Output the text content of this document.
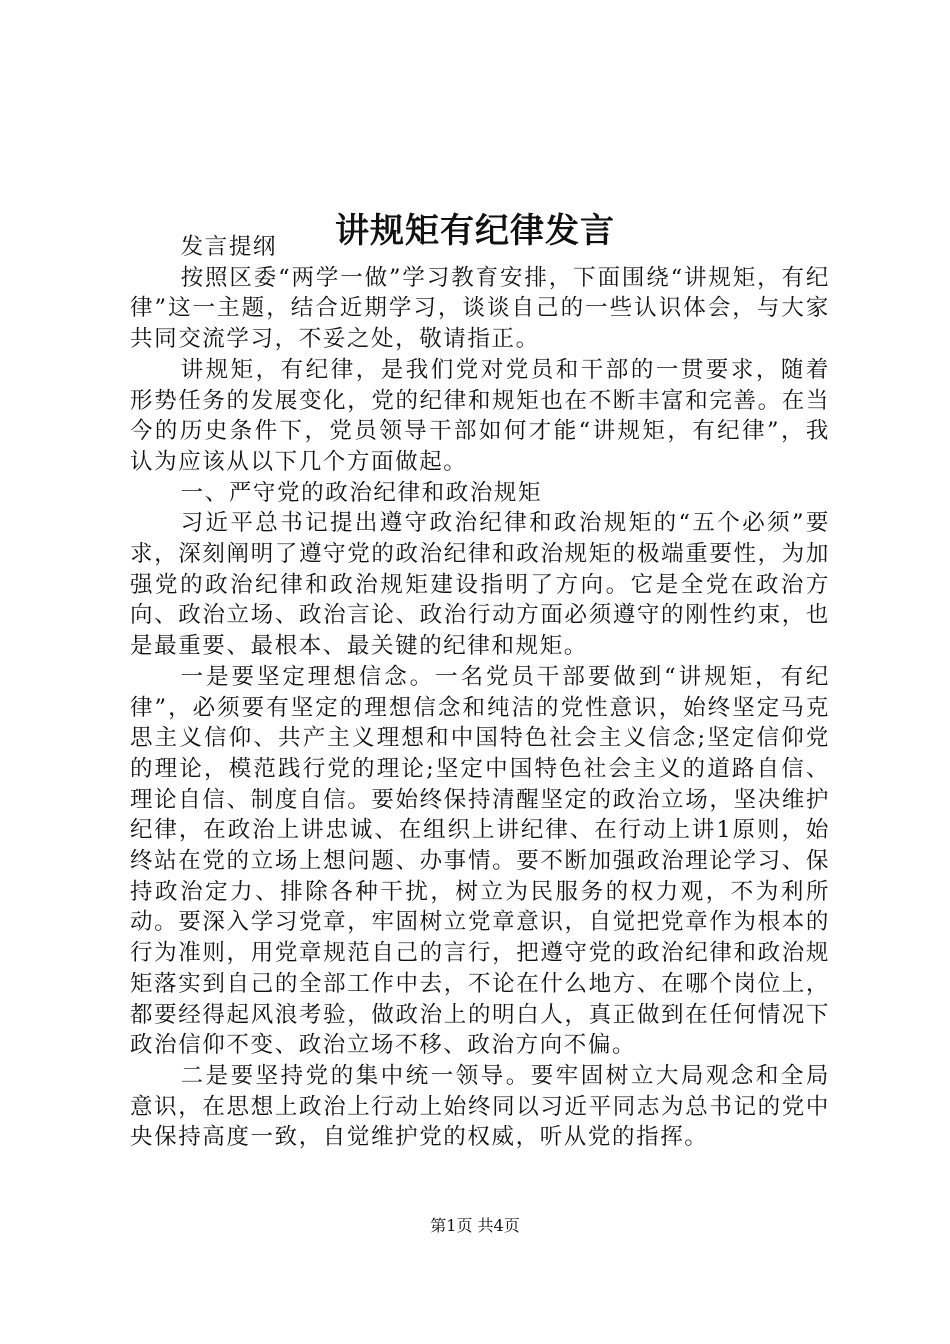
讲规矩有纪律发言

发言提纲

按照区委“两学一做”学习教育安排，下面围绕“讲规矩，有纪律”这一主题，结合近期学习，谈谈自己的一些认识体会，与大家共同交流学习，不妥之处，敬请指正。

讲规矩，有纪律，是我们党对党员和干部的一贯要求，随着形势任务的发展变化，党的纪律和规矩也在不断丰富和完善。在当今的历史条件下，党员领导干部如何才能“讲规矩，有纪律”，我认为应该从以下几个方面做起。

一、严守党的政治纪律和政治规矩

习近平总书记提出遵守政治纪律和政治规矩的“五个必须”要求，深刻阐明了遵守党的政治纪律和政治规矩的极端重要性，为加强党的政治纪律和政治规矩建设指明了方向。它是全党在政治方向、政治立场、政治言论、政治行动方面必须遵守的刚性约束，也是最重要、最根本、最关键的纪律和规矩。

一是要坚定理想信念。一名党员干部要做到“讲规矩，有纪律”，必须要有坚定的理想信念和纯洁的党性意识，始终坚定马克思主义信仰、共产主义理想和中国特色社会主义信念;坚定信仰党的理论，模范践行党的理论;坚定中国特色社会主义的道路自信、理论自信、制度自信。要始终保持清醒坚定的政治立场，坚决维护纪律，在政治上讲忠诚、在组织上讲纪律、在行动上讲1原则，始终站在党的立场上想问题、办事情。要不断加强政治理论学习、保持政治定力、排除各种干扰，树立为民服务的权力观，不为利所动。要深入学习党章，牢固树立党章意识，自觉把党章作为根本的行为准则，用党章规范自己的言行，把遵守党的政治纪律和政治规矩落实到自己的全部工作中去，不论在什么地方、在哪个岗位上，都要经得起风浪考验，做政治上的明白人，真正做到在任何情况下政治信仰不变、政治立场不移、政治方向不偏。

二是要坚持党的集中统一领导。要牢固树立大局观念和全局意识，在思想上政治上行动上始终同以习近平同志为总书记的党中央保持高度一致，自觉维护党的权威，听从党的指挥。

第1页 共4页
